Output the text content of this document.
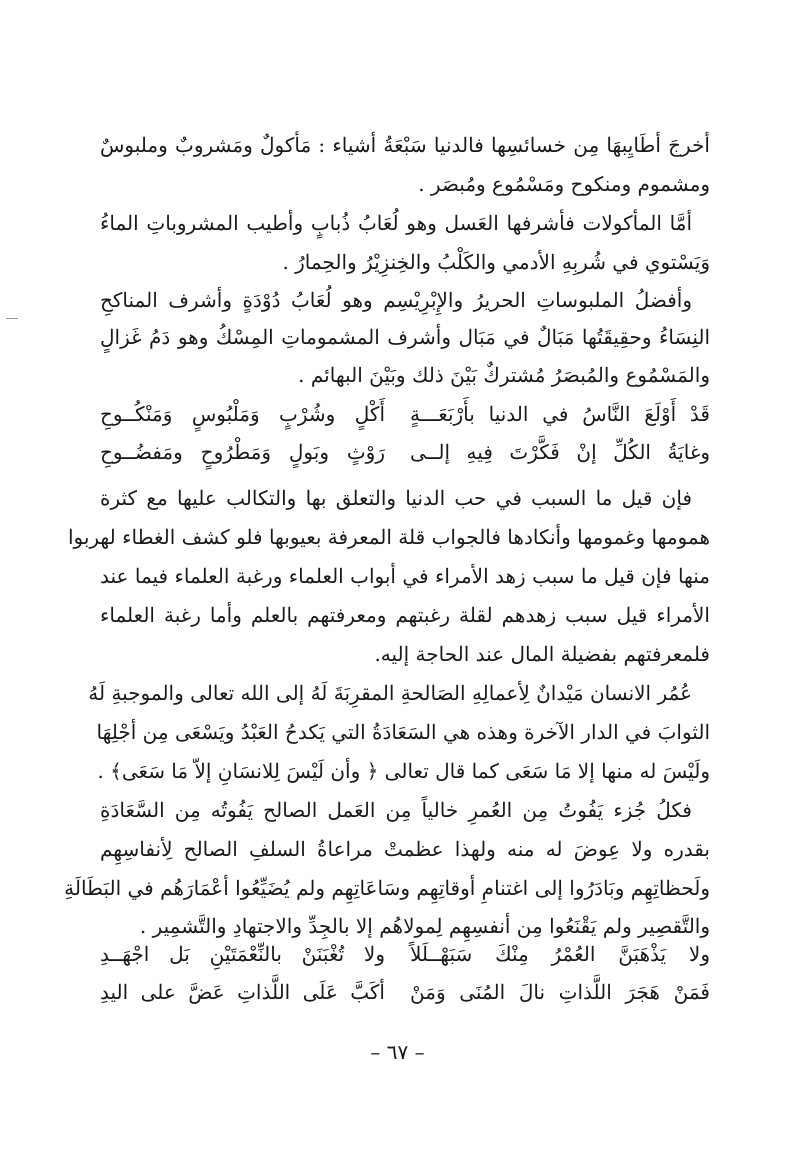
أخرجَ أطَايِبهَا مِن خسائسِها فالدنيا سَبْعَةُ أشياء : مَأكولٌ ومَشروبٌ وملبوسٌ
ومشموم ومنكوح ومَسْمُوع ومُبصَر .
أمَّا المأكولات فأشرفها العَسل وهو لُعَابُ ذُبابٍ وأطيب المشروباتِ الماءُ
وَيَسْتوي في شُربِهِ الأدمي والكَلْبُ والخِنزِيْرُ والحِمارُ .
وأفضلُ الملبوساتِ الحريرُ والإِبْرِيْسِم وهو لُعَابُ دُوْدَةٍ وأشرف المناكحِ
النِسَاءُ وحقِيقَتُها مَبَالٌ في مَبَال وأشرف المشموماتِ المِسْكُ وهو دَمُ غَزالٍ
والمَسْمُوع والمُبصَرُ مُشتركٌ بَيْنَ ذلك وبَيْنَ البهائم .
قَدْ أَوْلَعَ النَّاسُ في الدنيا بأَرْبَعَـــةٍ
أَكْلٍ وشُرْبٍ وَمَلْبُوسٍ وَمَنْكُــوحِ
وغايَةُ الكُلِّ إنْ فَكَّرْتَ فِيهِ إلــى
رَوْثٍ وبَولٍ وَمَطْرُوحٍ ومَفضُــوحِ
فإن قيل ما السبب في حب الدنيا والتعلق بها والتكالب عليها مع كثرة
همومها وغمومها وأنكادها فالجواب قلة المعرفة بعيوبها فلو كشف الغطاء لهربوا
منها فإن قيل ما سبب زهد الأمراء في أبواب العلماء ورغبة العلماء فيما عند
الأمراء قيل سبب زهدهم لقلة رغبتهم ومعرفتهم بالعلم وأما رغبة العلماء
فلمعرفتهم بفضيلة المال عند الحاجة إليه.
عُمُر الانسان مَيْدانٌ لِأعمالِهِ الصَالحةِ المقرِبَةَ لَهُ إلى الله تعالى والموجبةِ لَهُ
الثوابَ في الدار الآخرة وهذه هي السَعَادَةُ التي يَكدحُ العَبْدُ ويَسْعَى مِن أجْلِهَا
ولَيْسَ له منها إلا مَا سَعَى كما قال تعالى ﴿ وأن لَيْسَ لِلانسَانِ إلاّ مَا سَعَى﴾ .
فكلُ جُزء يَفُوتُ مِن العُمرِ خالياً مِن العَمل الصالح يَفُوتُه مِن السَّعَادَةِ
بقدره ولا عِوضَ له منه ولهذا عظمتْ مراعاةُ السلفِ الصالح لِأنفاسِهِم
ولَحظاتِهِم وبَادَرُوا إلى اغتنامِ أوقاتِهِم وسَاعَاتِهِم ولم يُضَيِّعُوا أعْمَارَهُم في البَطَالَةِ
والتَّقصِير ولم يَقْنَعُوا مِن أنفسِهِم لِمولاهُم إلا بالجِدِّ والاجتهادِ والتَّشمِير .
ولا يَذْهَبَنَّ العُمْرُ مِنْكَ سَبَهْــلَلاً
ولا تُغْبَنَنْ بالنِّعْمَتَيْنِ بَل اجْهَــدِ
فَمَنْ هَجَرَ اللَّذاتِ نالَ المُنَى وَمَنْ
أكَبَّ عَلَى اللَّذاتِ عَضَّ على اليدِ
– ٦٧ –
